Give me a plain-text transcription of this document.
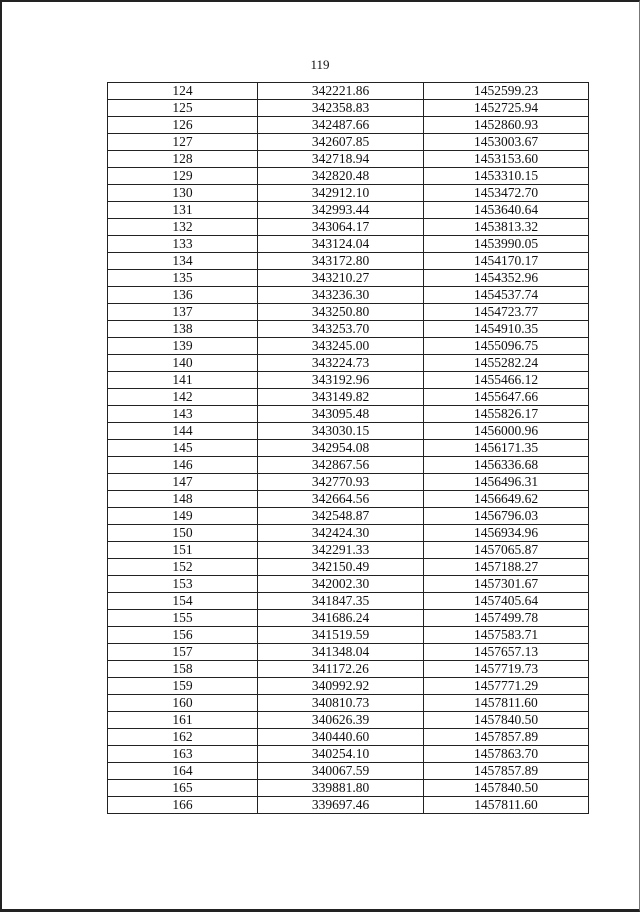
119
124	342221.86	1452599.23
125	342358.83	1452725.94
126	342487.66	1452860.93
127	342607.85	1453003.67
128	342718.94	1453153.60
129	342820.48	1453310.15
130	342912.10	1453472.70
131	342993.44	1453640.64
132	343064.17	1453813.32
133	343124.04	1453990.05
134	343172.80	1454170.17
135	343210.27	1454352.96
136	343236.30	1454537.74
137	343250.80	1454723.77
138	343253.70	1454910.35
139	343245.00	1455096.75
140	343224.73	1455282.24
141	343192.96	1455466.12
142	343149.82	1455647.66
143	343095.48	1455826.17
144	343030.15	1456000.96
145	342954.08	1456171.35
146	342867.56	1456336.68
147	342770.93	1456496.31
148	342664.56	1456649.62
149	342548.87	1456796.03
150	342424.30	1456934.96
151	342291.33	1457065.87
152	342150.49	1457188.27
153	342002.30	1457301.67
154	341847.35	1457405.64
155	341686.24	1457499.78
156	341519.59	1457583.71
157	341348.04	1457657.13
158	341172.26	1457719.73
159	340992.92	1457771.29
160	340810.73	1457811.60
161	340626.39	1457840.50
162	340440.60	1457857.89
163	340254.10	1457863.70
164	340067.59	1457857.89
165	339881.80	1457840.50
166	339697.46	1457811.60
